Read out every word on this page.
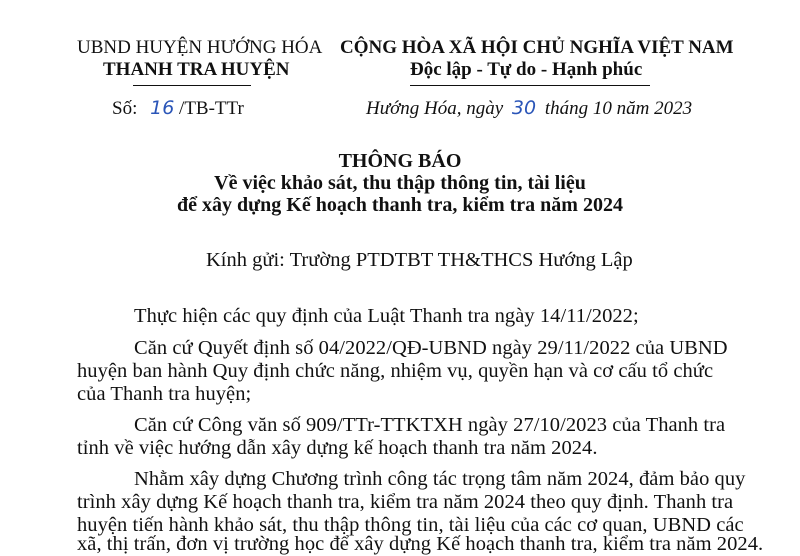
UBND HUYỆN HƯỚNG HÓA
THANH TRA HUYỆN
Số: 16 /TB-TTr
CỘNG HÒA XÃ HỘI CHỦ NGHĨA VIỆT NAM
Độc lập - Tự do - Hạnh phúc
Hướng Hóa, ngày 30 tháng 10 năm 2023
THÔNG BÁO
Về việc khảo sát, thu thập thông tin, tài liệu
để xây dựng Kế hoạch thanh tra, kiểm tra năm 2024
Kính gửi: Trường PTDTBT TH&THCS Hướng Lập
Thực hiện các quy định của Luật Thanh tra ngày 14/11/2022;
Căn cứ Quyết định số 04/2022/QĐ-UBND ngày 29/11/2022 của UBND
huyện ban hành Quy định chức năng, nhiệm vụ, quyền hạn và cơ cấu tổ chức
của Thanh tra huyện;
Căn cứ Công văn số 909/TTr-TTKTXH ngày 27/10/2023 của Thanh tra
tỉnh về việc hướng dẫn xây dựng kế hoạch thanh tra năm 2024.
Nhằm xây dựng Chương trình công tác trọng tâm năm 2024, đảm bảo quy
trình xây dựng Kế hoạch thanh tra, kiểm tra năm 2024 theo quy định. Thanh tra
huyện tiến hành khảo sát, thu thập thông tin, tài liệu của các cơ quan, UBND các
xã, thị trấn, đơn vị trường học để xây dựng Kế hoạch thanh tra, kiểm tra năm 2024.
